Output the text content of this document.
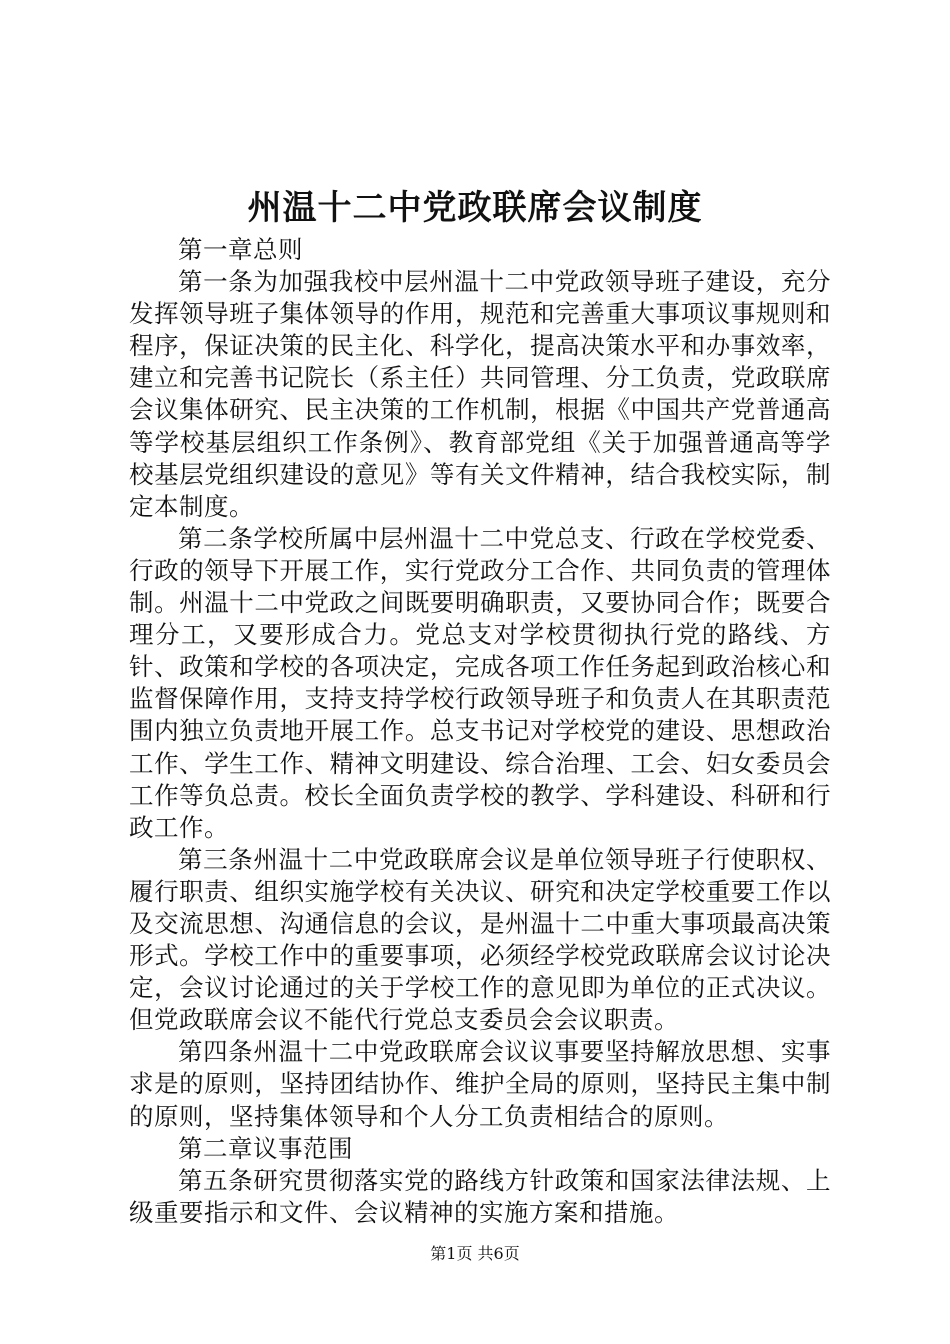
州温十二中党政联席会议制度

第一章总则

第一条为加强我校中层州温十二中党政领导班子建设，充分发挥领导班子集体领导的作用，规范和完善重大事项议事规则和程序，保证决策的民主化、科学化，提高决策水平和办事效率，建立和完善书记院长（系主任）共同管理、分工负责，党政联席会议集体研究、民主决策的工作机制，根据《中国共产党普通高等学校基层组织工作条例》、教育部党组《关于加强普通高等学校基层党组织建设的意见》等有关文件精神，结合我校实际，制定本制度。

第二条学校所属中层州温十二中党总支、行政在学校党委、行政的领导下开展工作，实行党政分工合作、共同负责的管理体制。州温十二中党政之间既要明确职责，又要协同合作；既要合理分工，又要形成合力。党总支对学校贯彻执行党的路线、方针、政策和学校的各项决定，完成各项工作任务起到政治核心和监督保障作用，支持支持学校行政领导班子和负责人在其职责范围内独立负责地开展工作。总支书记对学校党的建设、思想政治工作、学生工作、精神文明建设、综合治理、工会、妇女委员会工作等负总责。校长全面负责学校的教学、学科建设、科研和行政工作。

第三条州温十二中党政联席会议是单位领导班子行使职权、履行职责、组织实施学校有关决议、研究和决定学校重要工作以及交流思想、沟通信息的会议，是州温十二中重大事项最高决策形式。学校工作中的重要事项，必须经学校党政联席会议讨论决定，会议讨论通过的关于学校工作的意见即为单位的正式决议。但党政联席会议不能代行党总支委员会会议职责。

第四条州温十二中党政联席会议议事要坚持解放思想、实事求是的原则，坚持团结协作、维护全局的原则，坚持民主集中制的原则，坚持集体领导和个人分工负责相结合的原则。

第二章议事范围

第五条研究贯彻落实党的路线方针政策和国家法律法规、上级重要指示和文件、会议精神的实施方案和措施。

第1页 共6页
